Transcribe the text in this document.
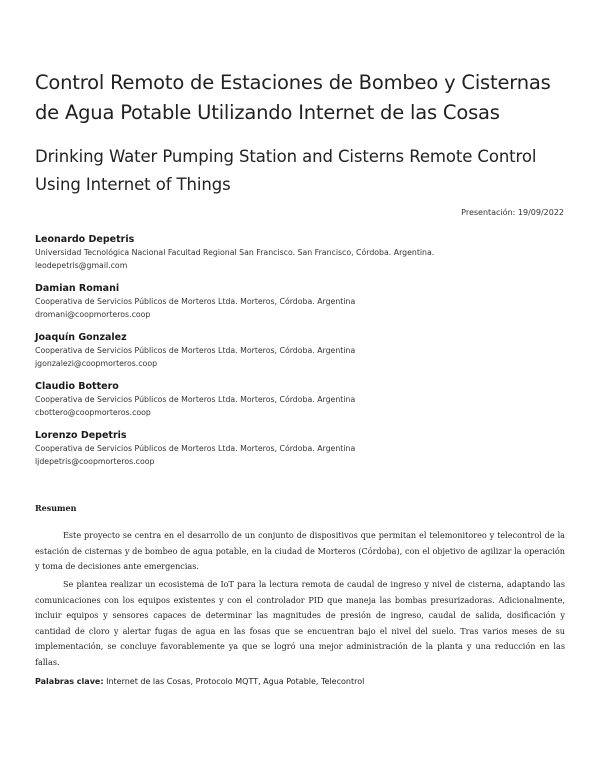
Control Remoto de Estaciones de Bombeo y Cisternas de Agua Potable Utilizando Internet de las Cosas
Drinking Water Pumping Station and Cisterns Remote Control Using Internet of Things
Presentación: 19/09/2022
Leonardo Depetris
Universidad Tecnológica Nacional Facultad Regional San Francisco. San Francisco, Córdoba. Argentina.
leodepetris@gmail.com
Damian Romani
Cooperativa de Servicios Públicos de Morteros Ltda. Morteros, Córdoba. Argentina
dromani@coopmorteros.coop
Joaquín Gonzalez
Cooperativa de Servicios Públicos de Morteros Ltda. Morteros, Córdoba. Argentina
jgonzalezi@coopmorteros.coop
Claudio Bottero
Cooperativa de Servicios Públicos de Morteros Ltda. Morteros, Córdoba. Argentina
cbottero@coopmorteros.coop
Lorenzo Depetris
Cooperativa de Servicios Públicos de Morteros Ltda. Morteros, Córdoba. Argentina
ljdepetris@coopmorteros.coop
Resumen
Este proyecto se centra en el desarrollo de un conjunto de dispositivos que permitan el telemonitoreo y telecontrol de la estación de cisternas y de bombeo de agua potable, en la ciudad de Morteros (Córdoba), con el objetivo de agilizar la operación y toma de decisiones ante emergencias.
Se plantea realizar un ecosistema de IoT para la lectura remota de caudal de ingreso y nivel de cisterna, adaptando las comunicaciones con los equipos existentes y con el controlador PID que maneja las bombas presurizadoras. Adicionalmente, incluir equipos y sensores capaces de determinar las magnitudes de presión de ingreso, caudal de salida, dosificación y cantidad de cloro y alertar fugas de agua en las fosas que se encuentran bajo el nivel del suelo. Tras varios meses de su implementación, se concluye favorablemente ya que se logró una mejor administración de la planta y una reducción en las fallas.
Palabras clave: Internet de las Cosas, Protocolo MQTT, Agua Potable, Telecontrol
